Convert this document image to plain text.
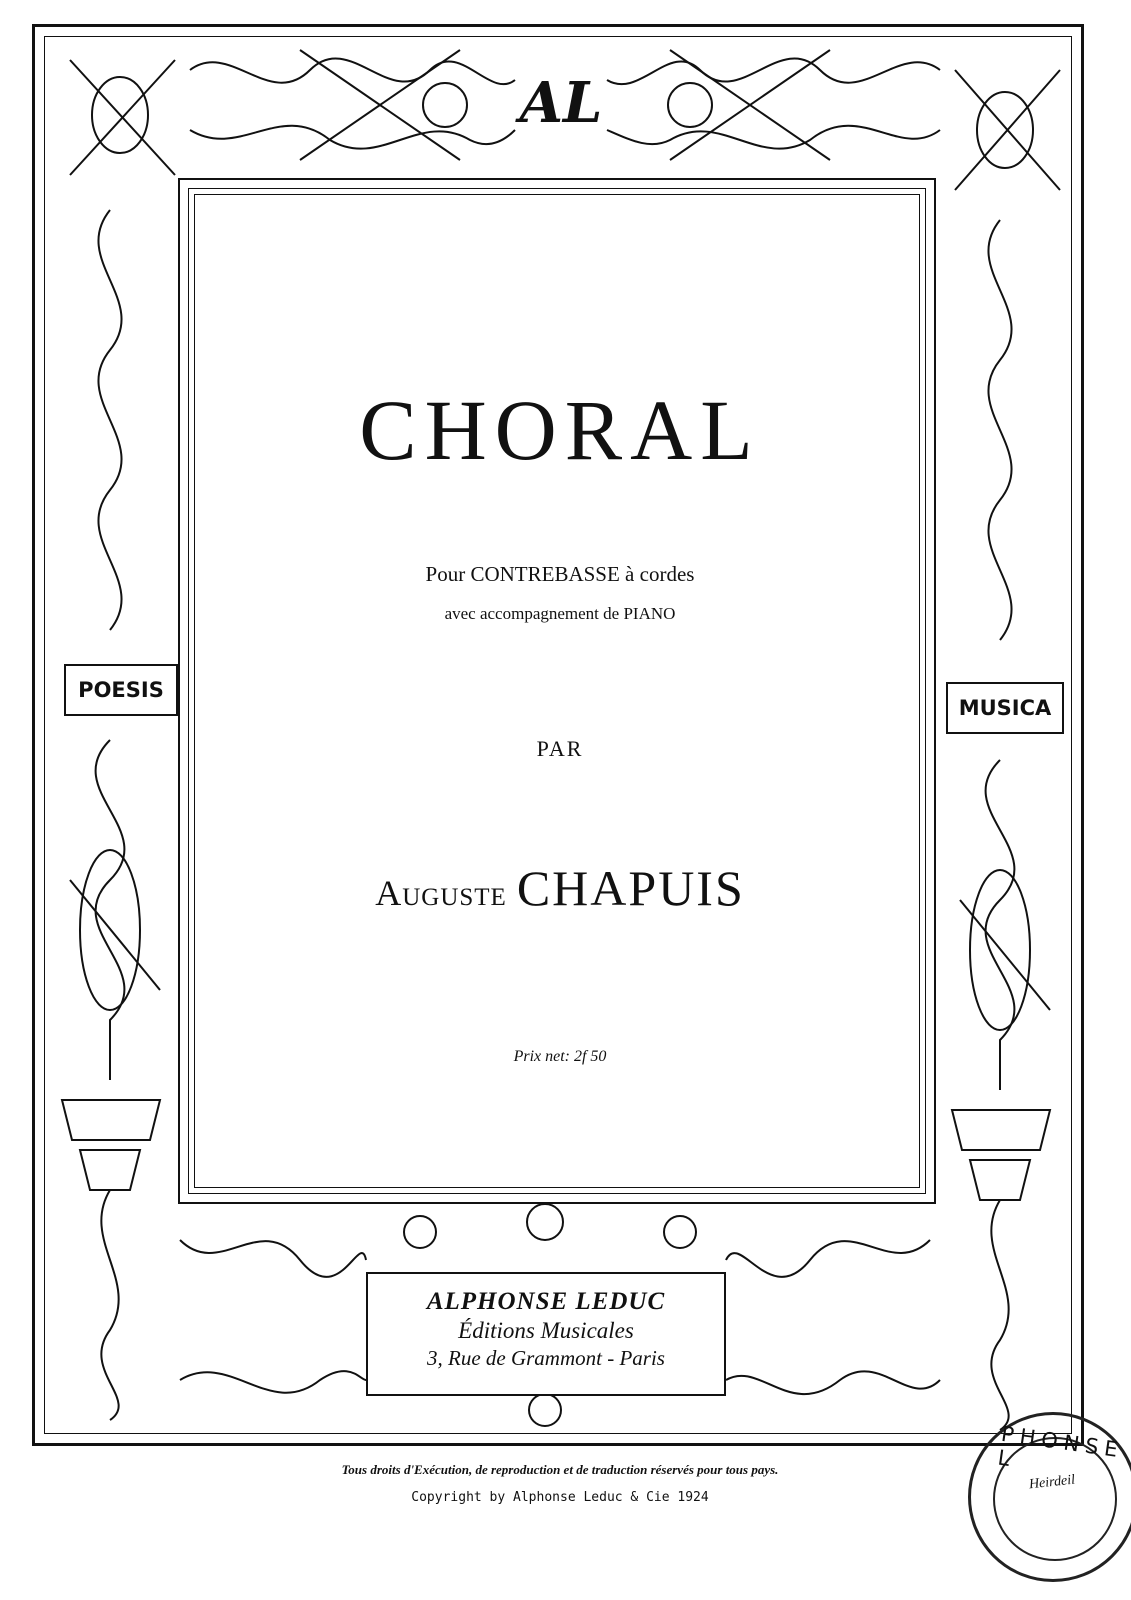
AL
CHORAL
Pour CONTREBASSE à cordes
avec accompagnement de PIANO
PAR
Auguste CHAPUIS
Prix net: 2f 50
POESIS
MUSICA
ALPHONSE LEDUC
Éditions Musicales
3, Rue de Grammont - Paris
Tous droits d'Exécution, de reproduction et de traduction réservés pour tous pays.
Copyright by Alphonse Leduc & Cie 1924
PHONSE L
Heirdeil
